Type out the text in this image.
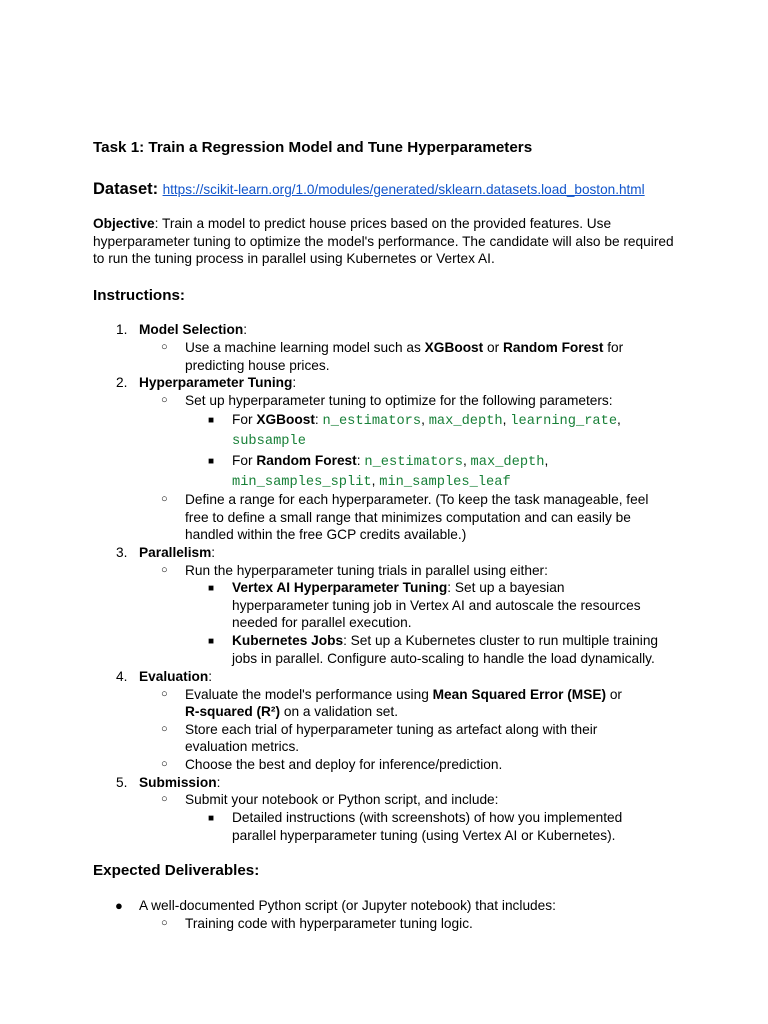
Task 1: Train a Regression Model and Tune Hyperparameters

Dataset: https://scikit-learn.org/1.0/modules/generated/sklearn.datasets.load_boston.html

Objective: Train a model to predict house prices based on the provided features. Use hyperparameter tuning to optimize the model's performance. The candidate will also be required to run the tuning process in parallel using Kubernetes or Vertex AI.

Instructions:
1. Model Selection:
○ Use a machine learning model such as XGBoost or Random Forest for
predicting house prices.
2. Hyperparameter Tuning:
○ Set up hyperparameter tuning to optimize for the following parameters:
■ For XGBoost: n_estimators, max_depth, learning_rate,
subsample
■ For Random Forest: n_estimators, max_depth,
min_samples_split, min_samples_leaf
○ Define a range for each hyperparameter. (To keep the task manageable, feel
free to define a small range that minimizes computation and can easily be
handled within the free GCP credits available.)
3. Parallelism:
○ Run the hyperparameter tuning trials in parallel using either:
■ Vertex AI Hyperparameter Tuning: Set up a bayesian
hyperparameter tuning job in Vertex AI and autoscale the resources
needed for parallel execution.
■ Kubernetes Jobs: Set up a Kubernetes cluster to run multiple training
jobs in parallel. Configure auto-scaling to handle the load dynamically.
4. Evaluation:
○ Evaluate the model's performance using Mean Squared Error (MSE) or
R-squared (R²) on a validation set.
○ Store each trial of hyperparameter tuning as artefact along with their
evaluation metrics.
○ Choose the best and deploy for inference/prediction.
5. Submission:
○ Submit your notebook or Python script, and include:
■ Detailed instructions (with screenshots) of how you implemented
parallel hyperparameter tuning (using Vertex AI or Kubernetes).
Expected Deliverables:
● A well-documented Python script (or Jupyter notebook) that includes:
○ Training code with hyperparameter tuning logic.
